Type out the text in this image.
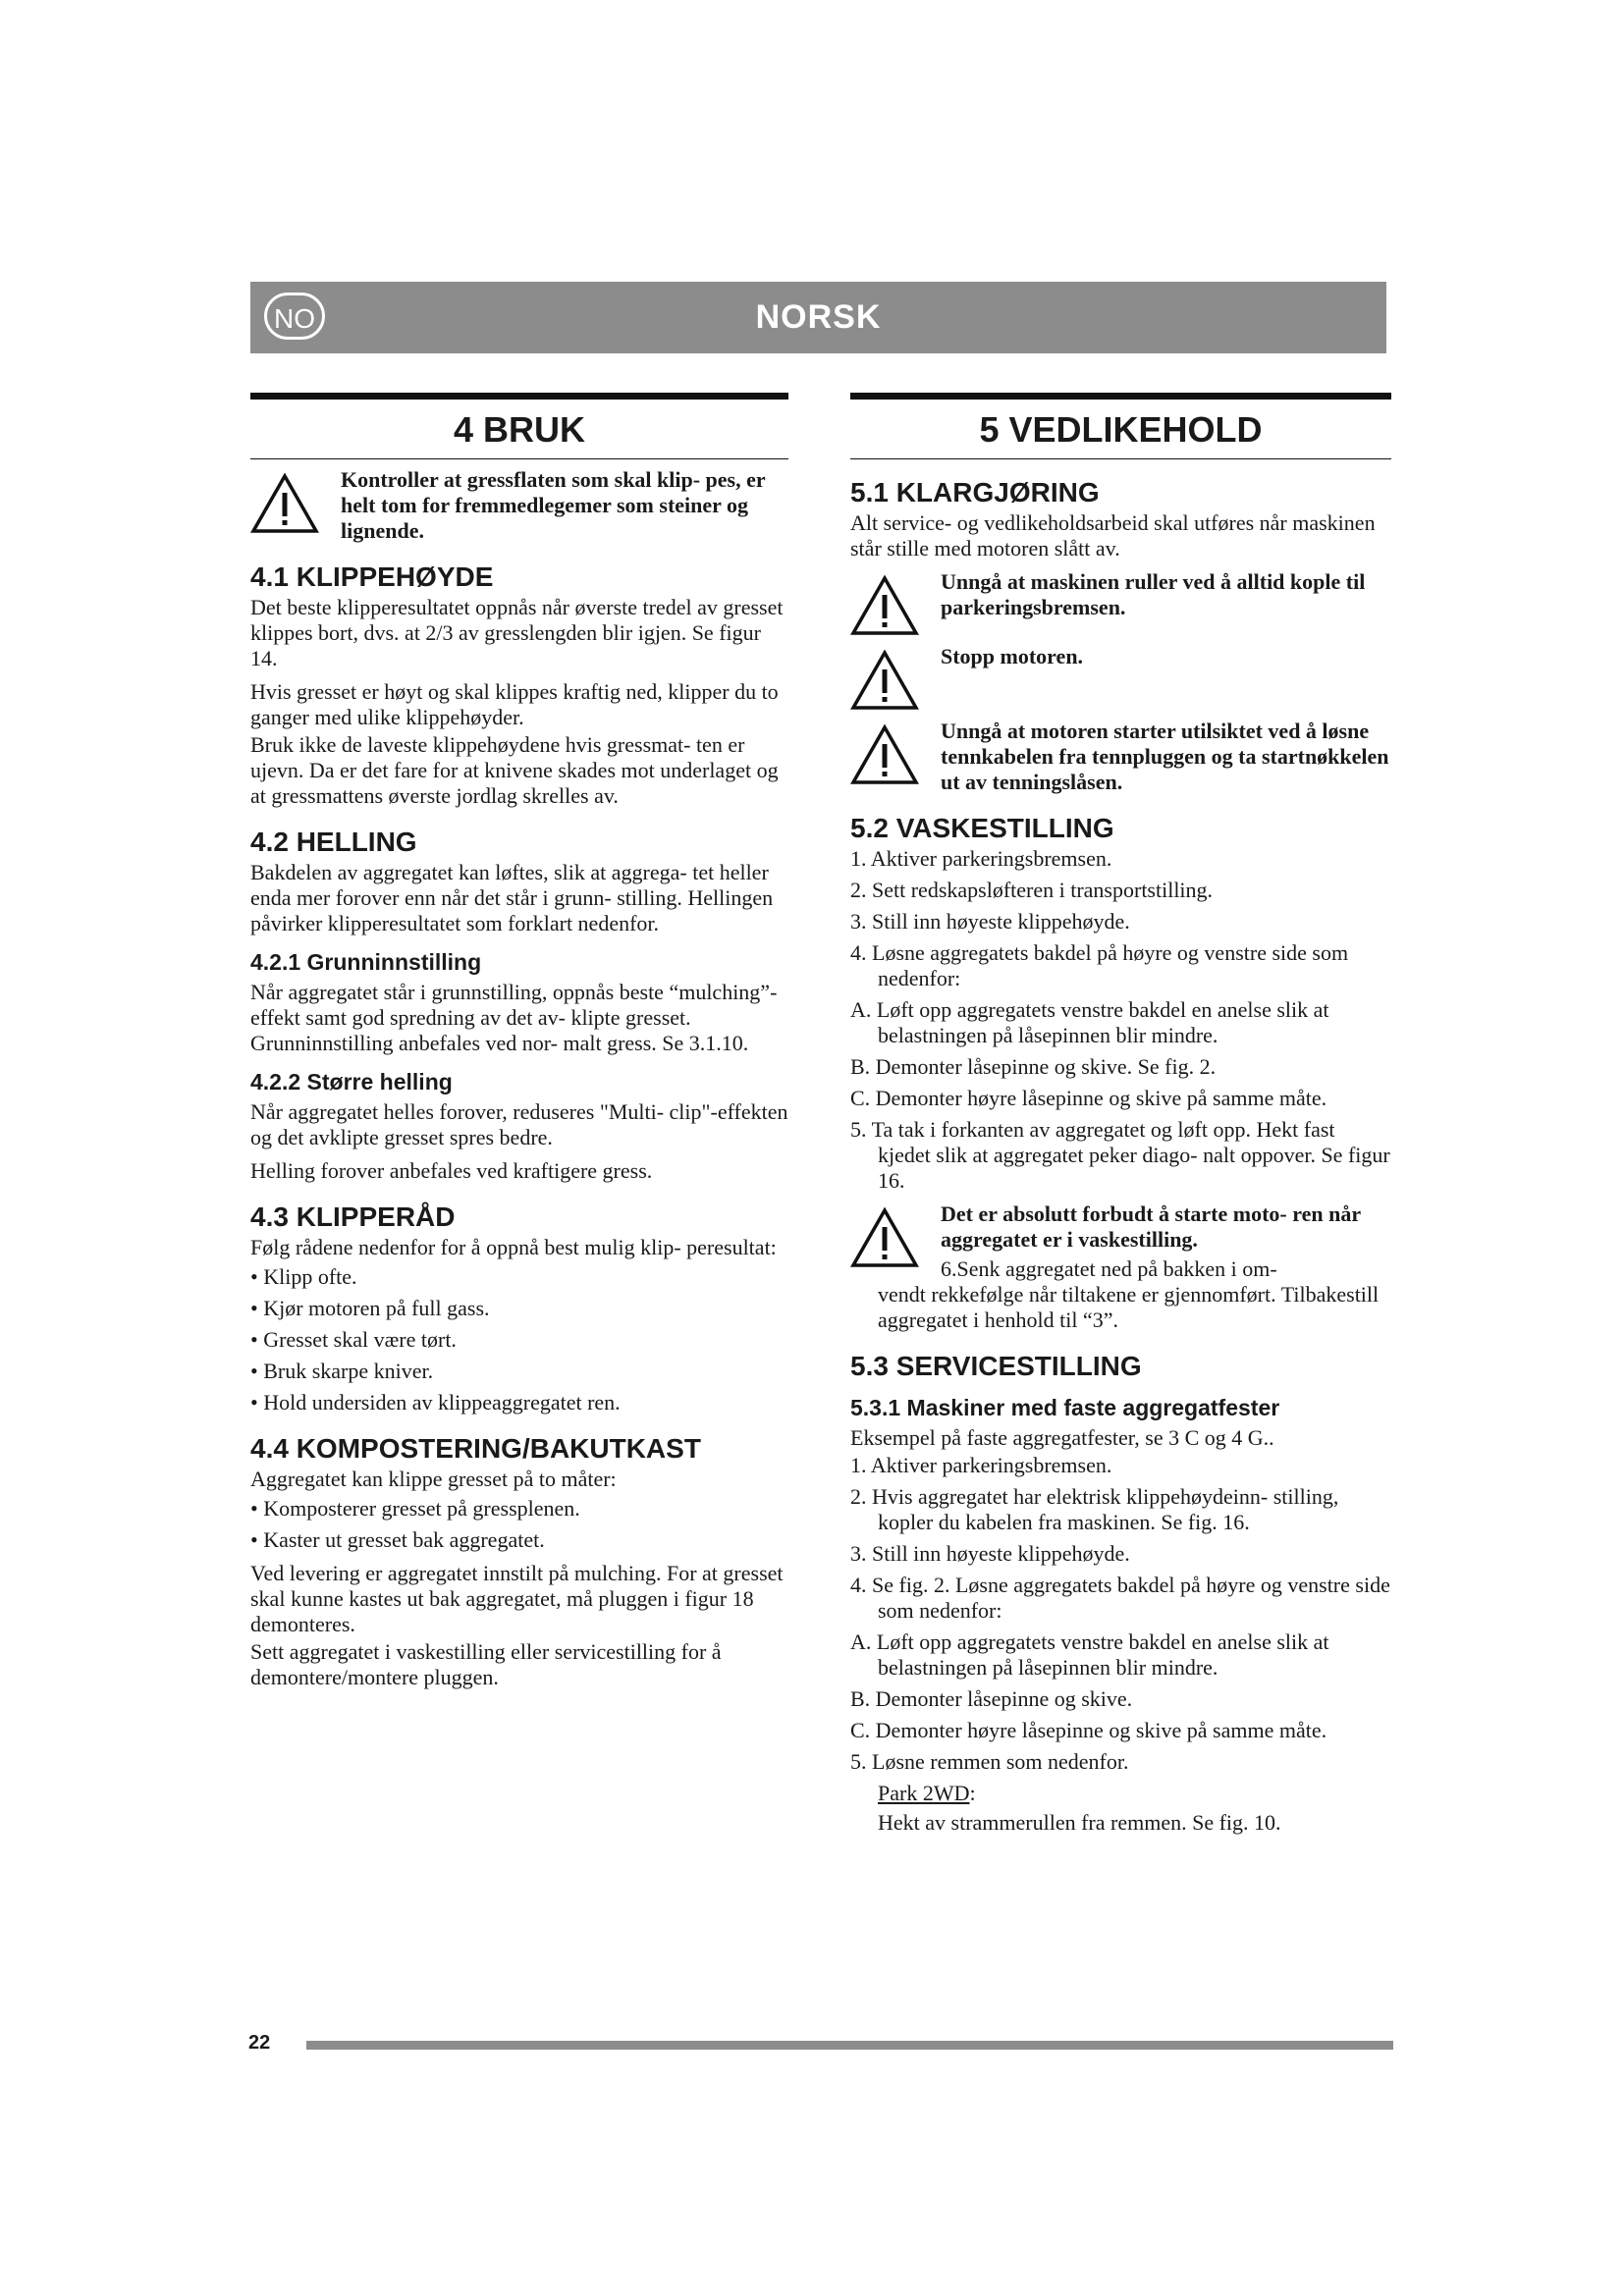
NO	NORSK
4 BRUK
Kontroller at gressflaten som skal klip- pes, er helt tom for fremmedlegemer som steiner og lignende.
4.1 KLIPPEHØYDE

Det beste klipperesultatet oppnås når øverste tredel av gresset klippes bort, dvs. at 2/3 av gresslengden blir igjen. Se figur 14.

Hvis gresset er høyt og skal klippes kraftig ned, klipper du to ganger med ulike klippehøyder.

Bruk ikke de laveste klippehøydene hvis gressmat- ten er ujevn. Da er det fare for at knivene skades mot underlaget og at gressmattens øverste jordlag skrelles av.

4.2 HELLING

Bakdelen av aggregatet kan løftes, slik at aggrega- tet heller enda mer forover enn når det står i grunn- stilling. Hellingen påvirker klipperesultatet som forklart nedenfor.

4.2.1 Grunninnstilling

Når aggregatet står i grunnstilling, oppnås beste “mulching”-effekt samt god spredning av det av- klipte gresset. Grunninnstilling anbefales ved nor- malt gress. Se 3.1.10.

4.2.2 Større helling

Når aggregatet helles forover, reduseres "Multi- clip"-effekten og det avklipte gresset spres bedre.

Helling forover anbefales ved kraftigere gress.

4.3 KLIPPERÅD

Følg rådene nedenfor for å oppnå best mulig klip- peresultat:

• Klipp ofte.
• Kjør motoren på full gass.
• Gresset skal være tørt.
• Bruk skarpe kniver.
• Hold undersiden av klippeaggregatet ren.
4.4 KOMPOSTERING/BAKUTKAST

Aggregatet kan klippe gresset på to måter:

• Komposterer gresset på gressplenen.
• Kaster ut gresset bak aggregatet.

Ved levering er aggregatet innstilt på mulching. For at gresset skal kunne kastes ut bak aggregatet, må pluggen i figur 18 demonteres.

Sett aggregatet i vaskestilling eller servicestilling for å demontere/montere pluggen.

5 VEDLIKEHOLD
5.1 KLARGJØRING

Alt service- og vedlikeholdsarbeid skal utføres når maskinen står stille med motoren slått av.

Unngå at maskinen ruller ved å alltid kople til parkeringsbremsen.
Stopp motoren.
Unngå at motoren starter utilsiktet ved å løsne tennkabelen fra tennpluggen og ta startnøkkelen ut av tenningslåsen.
5.2 VASKESTILLING
1. Aktiver parkeringsbremsen.
2. Sett redskapsløfteren i transportstilling.
3. Still inn høyeste klippehøyde.
4. Løsne aggregatets bakdel på høyre og venstre side som nedenfor:
A. Løft opp aggregatets venstre bakdel en anelse slik at belastningen på låsepinnen blir mindre.
B. Demonter låsepinne og skive. Se fig. 2.
C. Demonter høyre låsepinne og skive på samme måte.
5. Ta tak i forkanten av aggregatet og løft opp. Hekt fast kjedet slik at aggregatet peker diago- nalt oppover. Se figur 16.
Det er absolutt forbudt å starte moto- ren når aggregatet er i vaskestilling.
6.Senk aggregatet ned på bakken i om-
vendt rekkefølge når tiltakene er gjennomført. Tilbakestill aggregatet i henhold til “3”.
5.3 SERVICESTILLING
5.3.1 Maskiner med faste aggregatfester

Eksempel på faste aggregatfester, se 3 C og 4 G..

1. Aktiver parkeringsbremsen.
2. Hvis aggregatet har elektrisk klippehøydeinn- stilling, kopler du kabelen fra maskinen. Se fig. 16.
3. Still inn høyeste klippehøyde.
4. Se fig. 2. Løsne aggregatets bakdel på høyre og venstre side som nedenfor:
A. Løft opp aggregatets venstre bakdel en anelse slik at belastningen på låsepinnen blir mindre.
B. Demonter låsepinne og skive.
C. Demonter høyre låsepinne og skive på samme måte.
5. Løsne remmen som nedenfor.
Park 2WD:
Hekt av strammerullen fra remmen. Se fig. 10.
22
